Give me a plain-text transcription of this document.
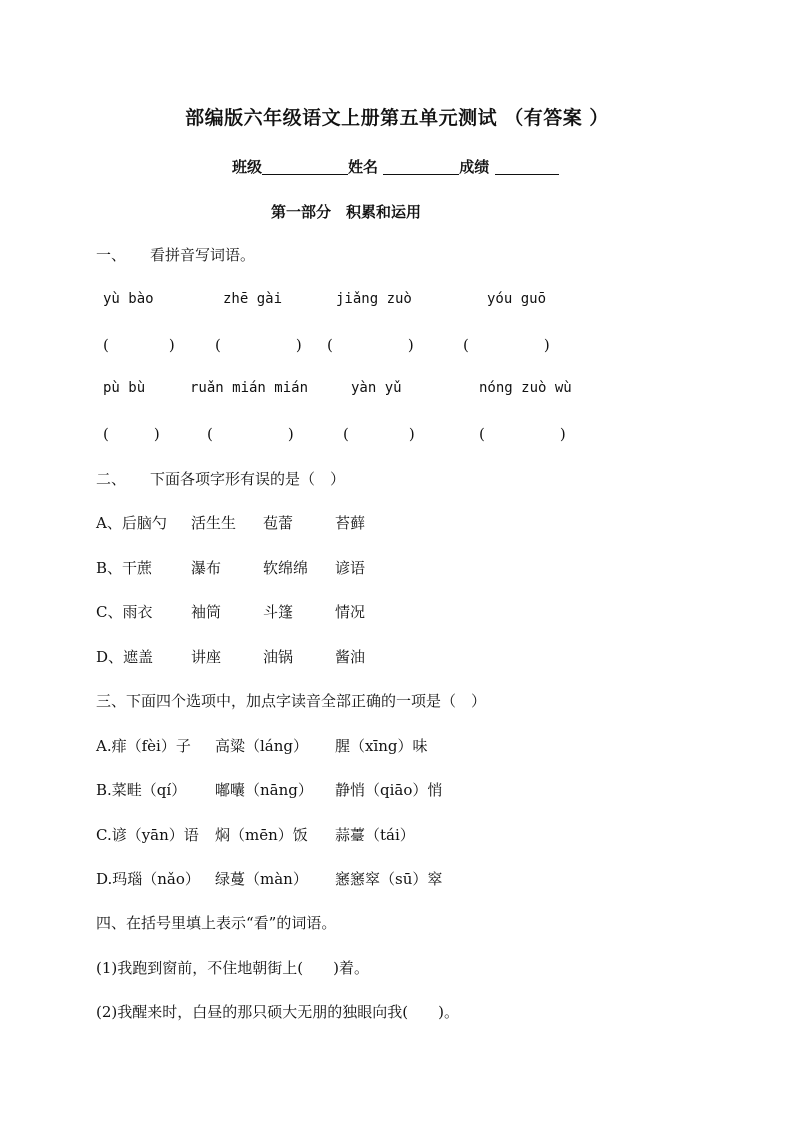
部编版六年级语文上册第五单元测试 （有答案 ）
班级	姓名	成绩
第一部分　积累和运用
一、 看拼音写词语。
yù bào	zhē gài	jiǎng zuò	yóu guō
(　　　　)	(　　　　　) (　　　　　)	(　　　　　)
pù bù	ruǎn mián mián	yàn yǔ	nóng zuò wù
(　　　)	(　　　　　)	(　　　　)	(　　　　　)
二、 下面各项字形有误的是（　）
A、后脑勺 活生生 苞蕾	苔藓
B、干蔗	瀑布	软绵绵 谚语
C、雨衣	袖筒	斗篷	情况
D、遮盖	讲座	油锅	酱油
三、下面四个选项中，加点字读音全部正确的一项是（　）
A.痱（fèi）子 高粱（láng） 腥（xīng）味
B.菜畦（qí） 嘟囔（nāng） 静悄（qiāo）悄
C.谚（yān）语 焖（mēn）饭 蒜薹（tái）
D.玛瑙（nǎo） 绿蔓（màn） 窸窸窣（sū）窣
四、在括号里填上表示“看”的词语。
(1)我跑到窗前，不住地朝街上(　　)着。
(2)我醒来时，白昼的那只硕大无朋的独眼向我(　　)。
